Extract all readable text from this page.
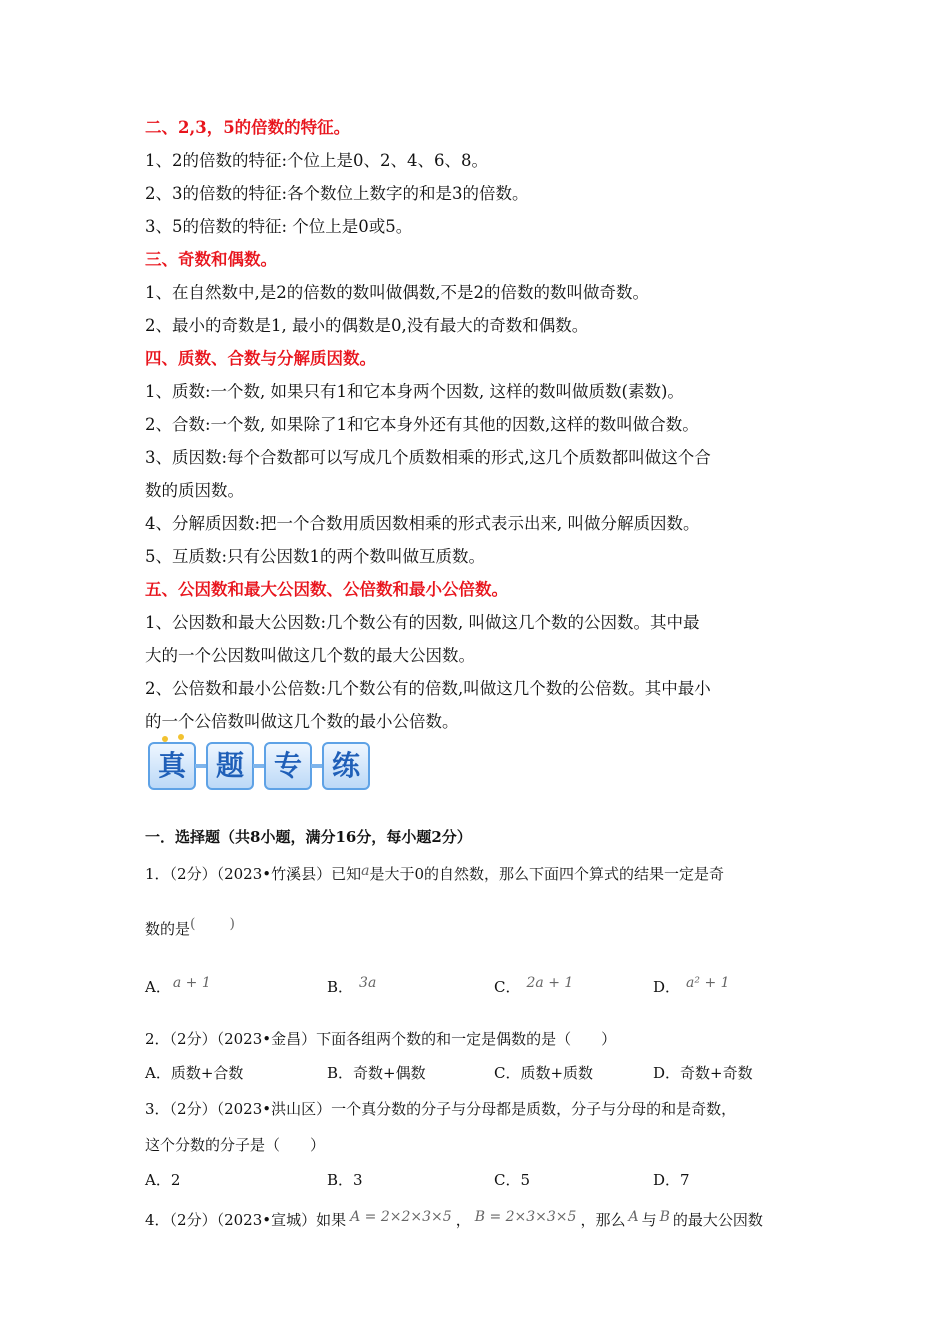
二、2,3，5的倍数的特征。
1、2的倍数的特征:个位上是0、2、4、6、8。
2、3的倍数的特征:各个数位上数字的和是3的倍数。
3、5的倍数的特征: 个位上是0或5。
三、奇数和偶数。
1、在自然数中,是2的倍数的数叫做偶数,不是2的倍数的数叫做奇数。
2、最小的奇数是1, 最小的偶数是0,没有最大的奇数和偶数。
四、质数、合数与分解质因数。
1、质数:一个数, 如果只有1和它本身两个因数, 这样的数叫做质数(素数)。
2、合数:一个数, 如果除了1和它本身外还有其他的因数,这样的数叫做合数。
3、质因数:每个合数都可以写成几个质数相乘的形式,这几个质数都叫做这个合
数的质因数。
4、分解质因数:把一个合数用质因数相乘的形式表示出来, 叫做分解质因数。
5、互质数:只有公因数1的两个数叫做互质数。
五、公因数和最大公因数、公倍数和最小公倍数。
1、公因数和最大公因数:几个数公有的因数, 叫做这几个数的公因数。其中最
大的一个公因数叫做这几个数的最大公因数。
2、公倍数和最小公倍数:几个数公有的倍数,叫做这几个数的公倍数。其中最小
的一个公倍数叫做这几个数的最小公倍数。
真	题	专	练
一．选择题（共8小题，满分16分，每小题2分）
1．（2分）（2023•竹溪县）已知a是大于0的自然数，那么下面四个算式的结果一定是奇
数的是( )
A． a + 1	B． 3a	C． 2a + 1	D． a² + 1
2．（2分）（2023•金昌）下面各组两个数的和一定是偶数的是（　　）
A．质数+合数	B．奇数+偶数	C．质数+质数	D．奇数+奇数
3．（2分）（2023•洪山区）一个真分数的分子与分母都是质数，分子与分母的和是奇数，
这个分数的分子是（　　）
A．2	B．3	C．5	D．7
4．（2分）（2023•宣城）如果 A = 2×2×3×5 ， B = 2×3×3×5 ，那么 A 与 B 的最大公因数
